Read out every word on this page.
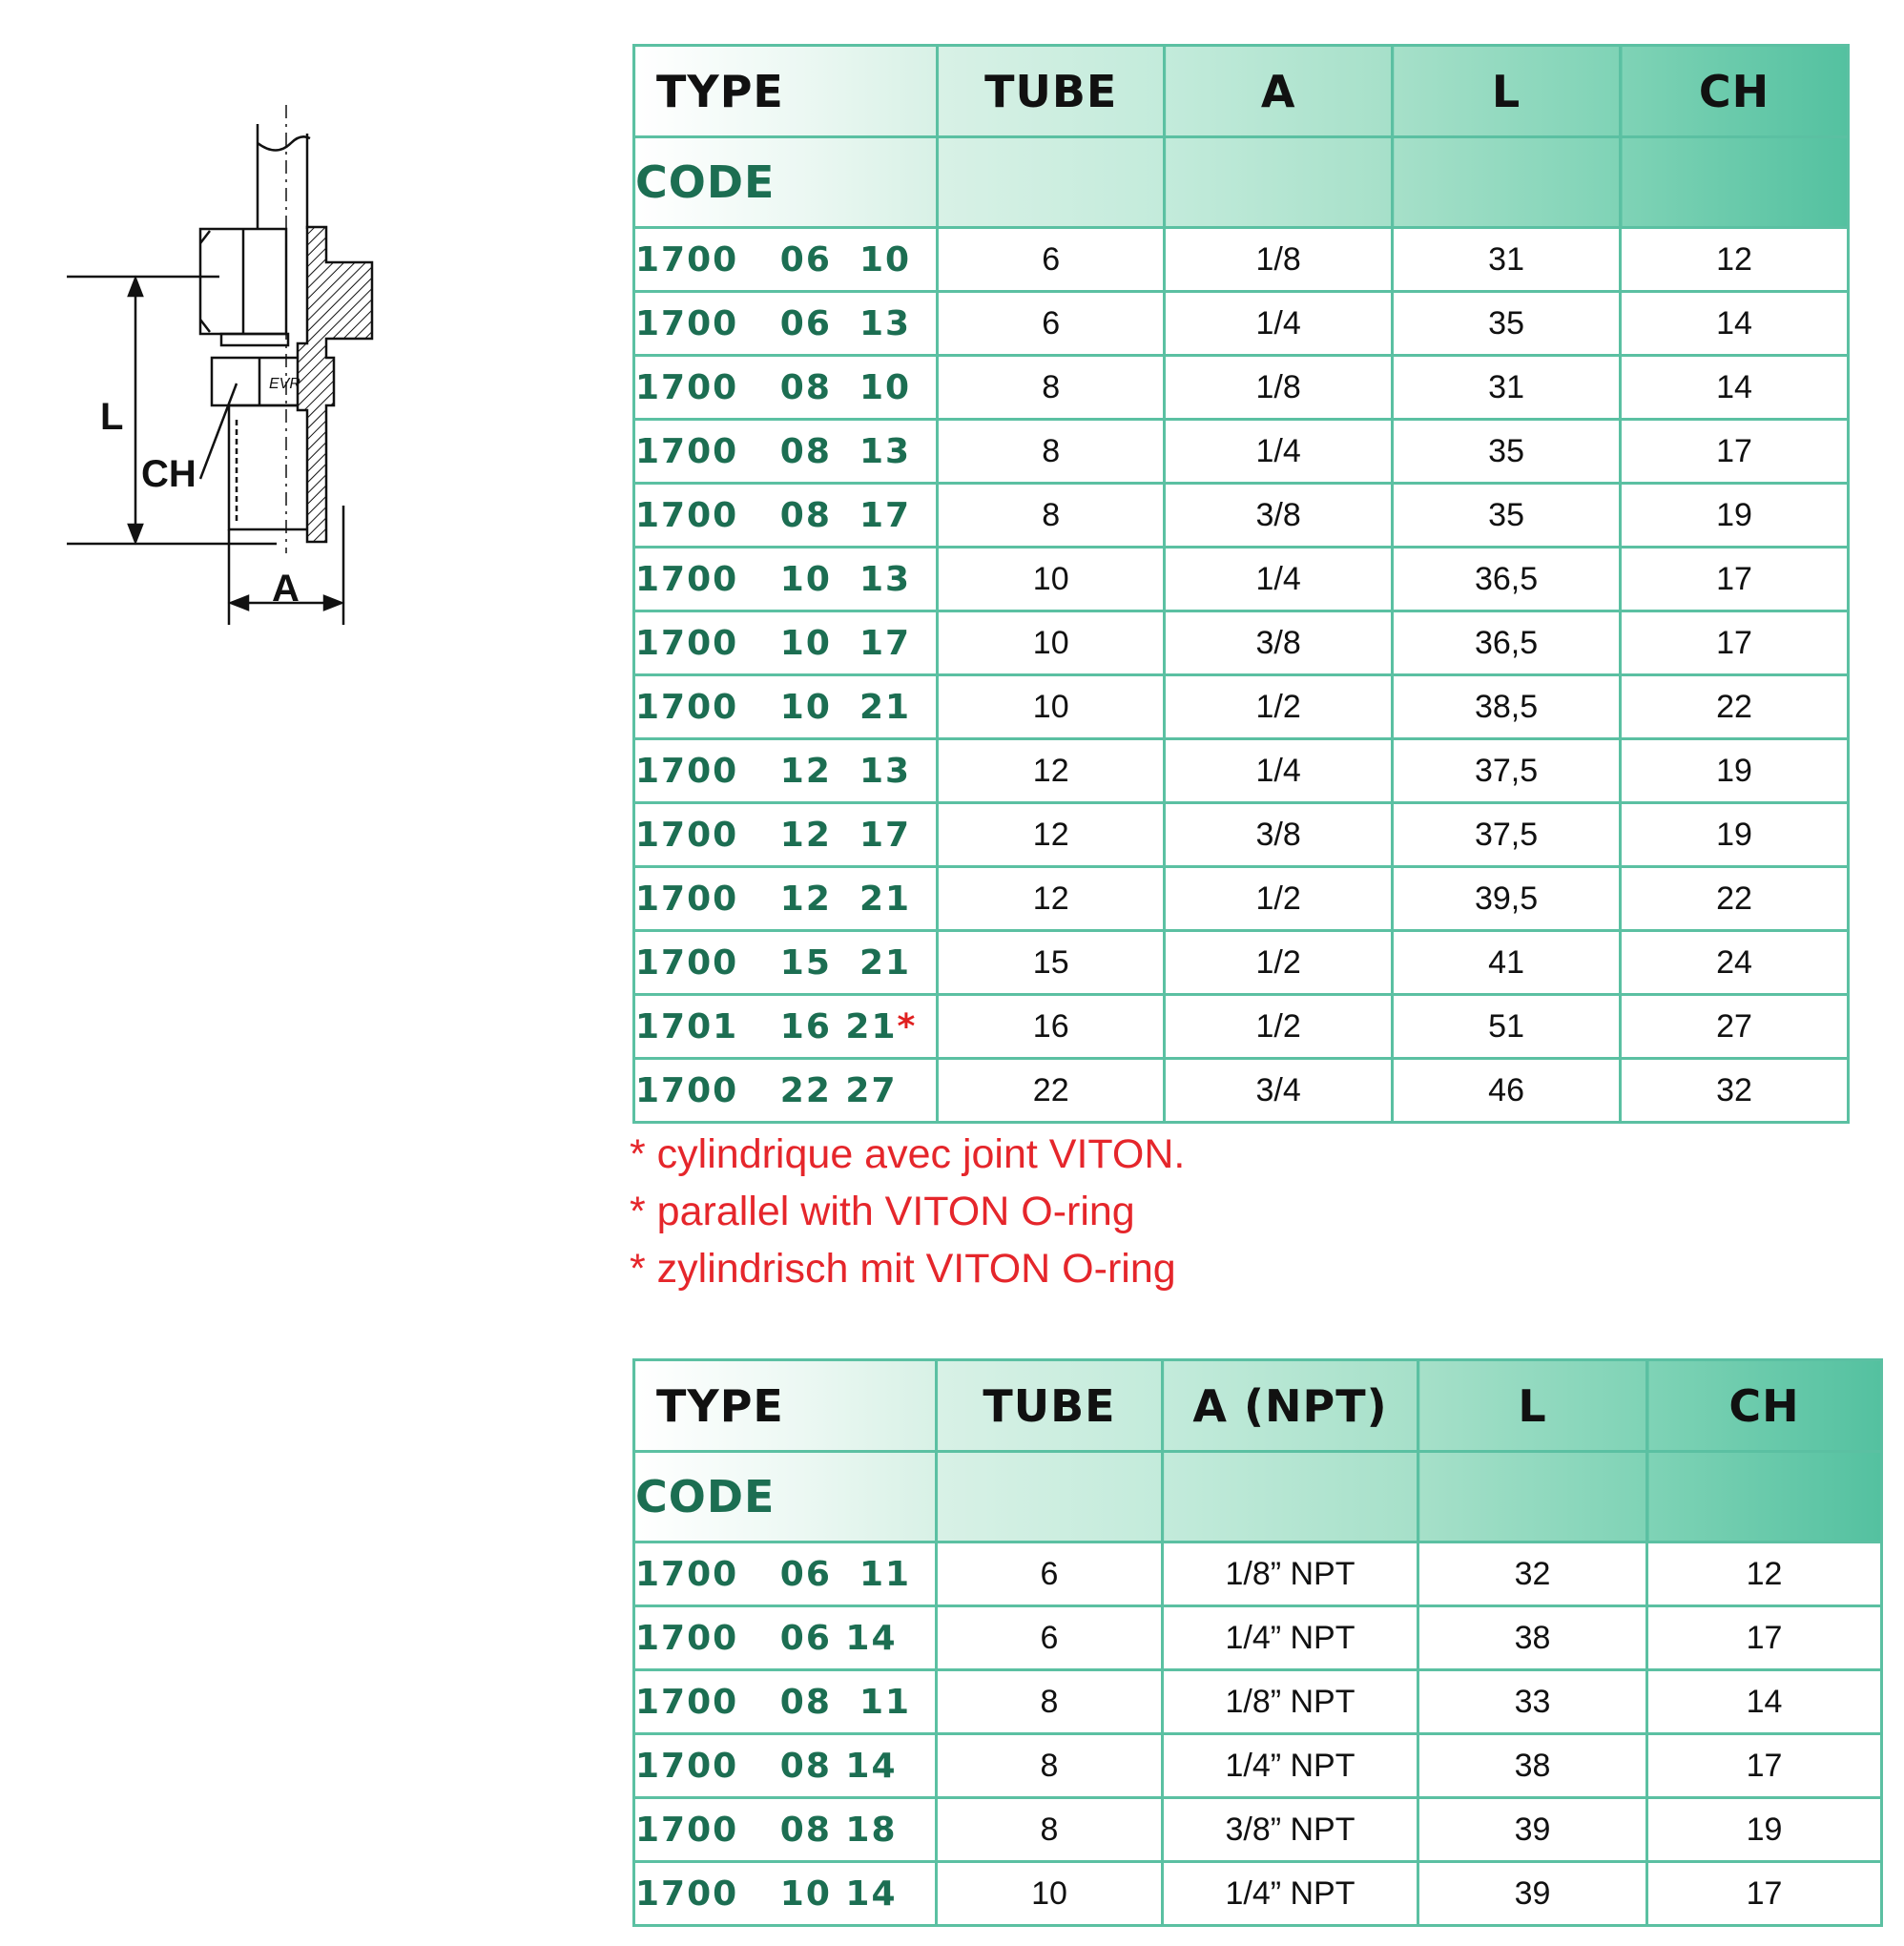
L
CH
A
EVR
TYPE	TUBE	A	L	CH
CODE				
1700   06  10	6	1/8	31	12
1700   06  13	6	1/4	35	14
1700   08  10	8	1/8	31	14
1700   08  13	8	1/4	35	17
1700   08  17	8	3/8	35	19
1700   10  13	10	1/4	36,5	17
1700   10  17	10	3/8	36,5	17
1700   10  21	10	1/2	38,5	22
1700   12  13	12	1/4	37,5	19
1700   12  17	12	3/8	37,5	19
1700   12  21	12	1/2	39,5	22
1700   15  21	15	1/2	41	24
1701   16 21*	16	1/2	51	27
1700   22 27	22	3/4	46	32
* cylindrique avec joint VITON.
* parallel with VITON O-ring
* zylindrisch mit VITON O-ring
TYPE	TUBE	A (NPT)	L	CH
CODE				
1700   06  11	6	1/8” NPT	32	12
1700   06 14	6	1/4” NPT	38	17
1700   08  11	8	1/8” NPT	33	14
1700   08 14	8	1/4” NPT	38	17
1700   08 18	8	3/8” NPT	39	19
1700   10 14	10	1/4” NPT	39	17
